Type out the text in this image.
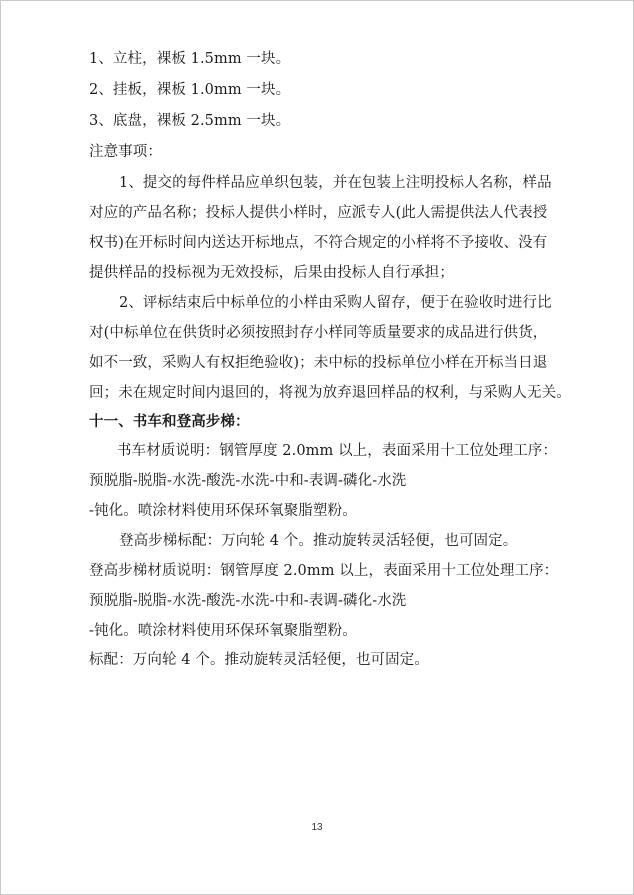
1、立柱，裸板 1.5mm 一块。
2、挂板，裸板 1.0mm 一块。
3、底盘，裸板 2.5mm 一块。
注意事项：
1、提交的每件样品应单织包装，并在包装上注明投标人名称，样品
对应的产品名称；投标人提供小样时，应派专人(此人需提供法人代表授
权书)在开标时间内送达开标地点，不符合规定的小样将不予接收、没有
提供样品的投标视为无效投标，后果由投标人自行承担；
2、评标结束后中标单位的小样由采购人留存，便于在验收时进行比
对(中标单位在供货时必须按照封存小样同等质量要求的成品进行供货，
如不一致，采购人有权拒绝验收)；未中标的投标单位小样在开标当日退
回；未在规定时间内退回的，将视为放弃退回样品的权利，与采购人无关。
十一、书车和登高步梯：
书车材质说明：钢管厚度 2.0mm 以上，表面采用十工位处理工序：
预脱脂-脱脂-水洗-酸洗-水洗-中和-表调-磷化-水洗
-钝化。喷涂材料使用环保环氧聚脂塑粉。
登高步梯标配：万向轮 4 个。推动旋转灵活轻便，也可固定。
登高步梯材质说明：钢管厚度 2.0mm 以上，表面采用十工位处理工序：
预脱脂-脱脂-水洗-酸洗-水洗-中和-表调-磷化-水洗
-钝化。喷涂材料使用环保环氧聚脂塑粉。
标配：万向轮 4 个。推动旋转灵活轻便，也可固定。
13
